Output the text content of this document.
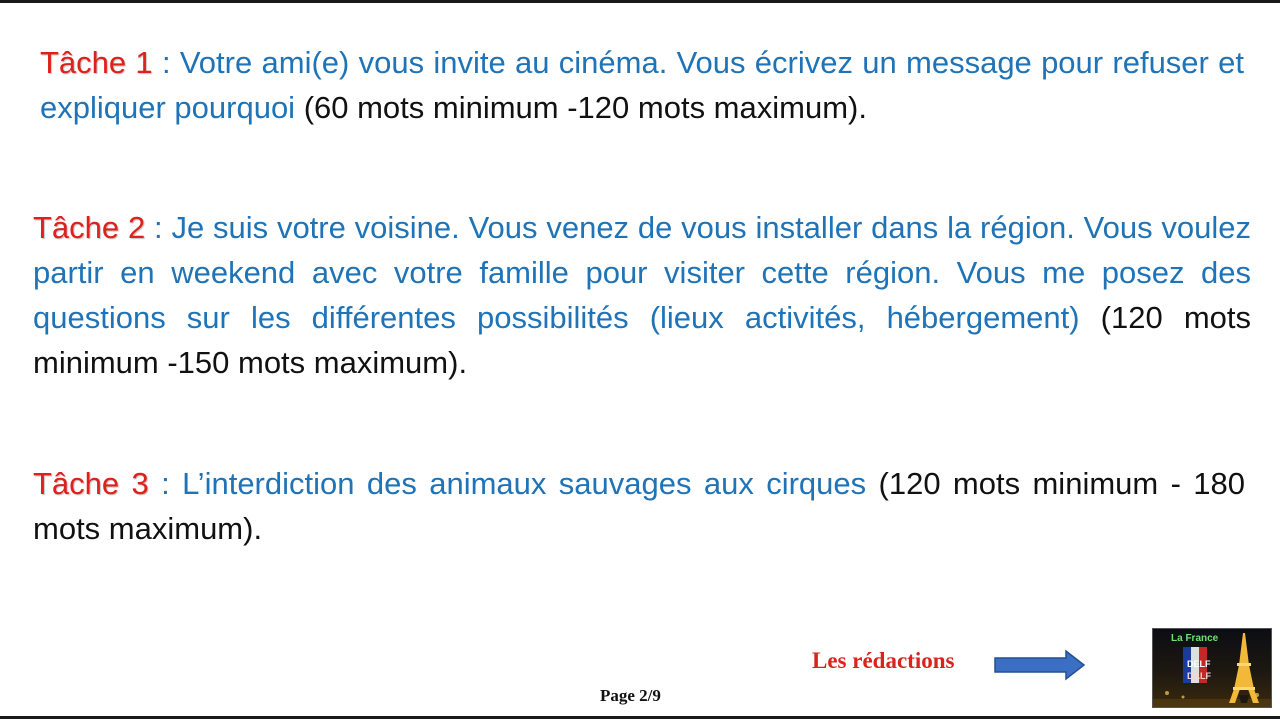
Tâche 1 : Votre ami(e) vous invite au cinéma. Vous écrivez un message pour refuser et expliquer pourquoi (60 mots minimum -120 mots maximum).

Tâche 2 : Je suis votre voisine. Vous venez de vous installer dans la région. Vous voulez partir en weekend avec votre famille pour visiter cette région. Vous me posez des questions sur les différentes possibilités (lieux activités, hébergement) (120 mots minimum -150 mots maximum).

Tâche 3 : L’interdiction des animaux sauvages aux cirques (120 mots minimum - 180 mots maximum).

Les rédactions
Page 2/9
La France
DELF
DALF
